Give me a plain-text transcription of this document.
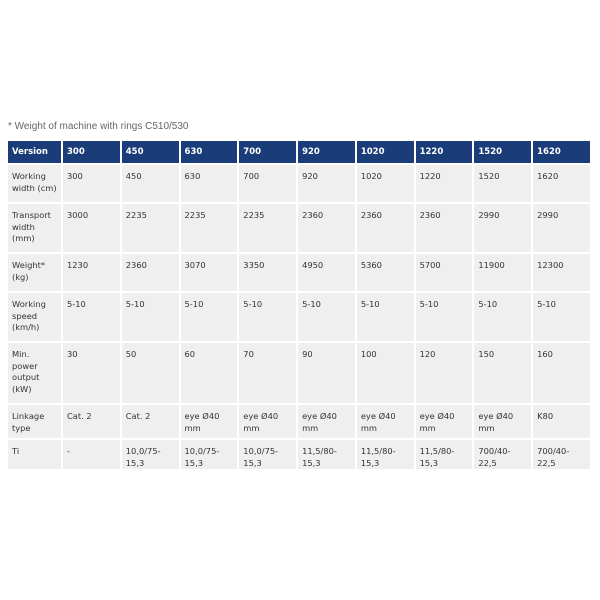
* Weight of machine with rings C510/530
Version	300	450	630	700	920	1020	1220	1520	1620
Working width (cm)	300	450	630	700	920	1020	1220	1520	1620
Transport width (mm)	3000	2235	2235	2235	2360	2360	2360	2990	2990
Weight* (kg)	1230	2360	3070	3350	4950	5360	5700	11900	12300
Working speed (km/h)	5-10	5-10	5-10	5-10	5-10	5-10	5-10	5-10	5-10
Min. power output (kW)	30	50	60	70	90	100	120	150	160
Linkage type	Cat. 2	Cat. 2	eye Ø40 mm	eye Ø40 mm	eye Ø40 mm	eye Ø40 mm	eye Ø40 mm	eye Ø40 mm	K80
Ti	-	10,0/75-15,3	10,0/75-15,3	10,0/75-15,3	11,5/80-15,3	11,5/80-15,3	11,5/80-15,3	700/40-22,5	700/40-22,5
